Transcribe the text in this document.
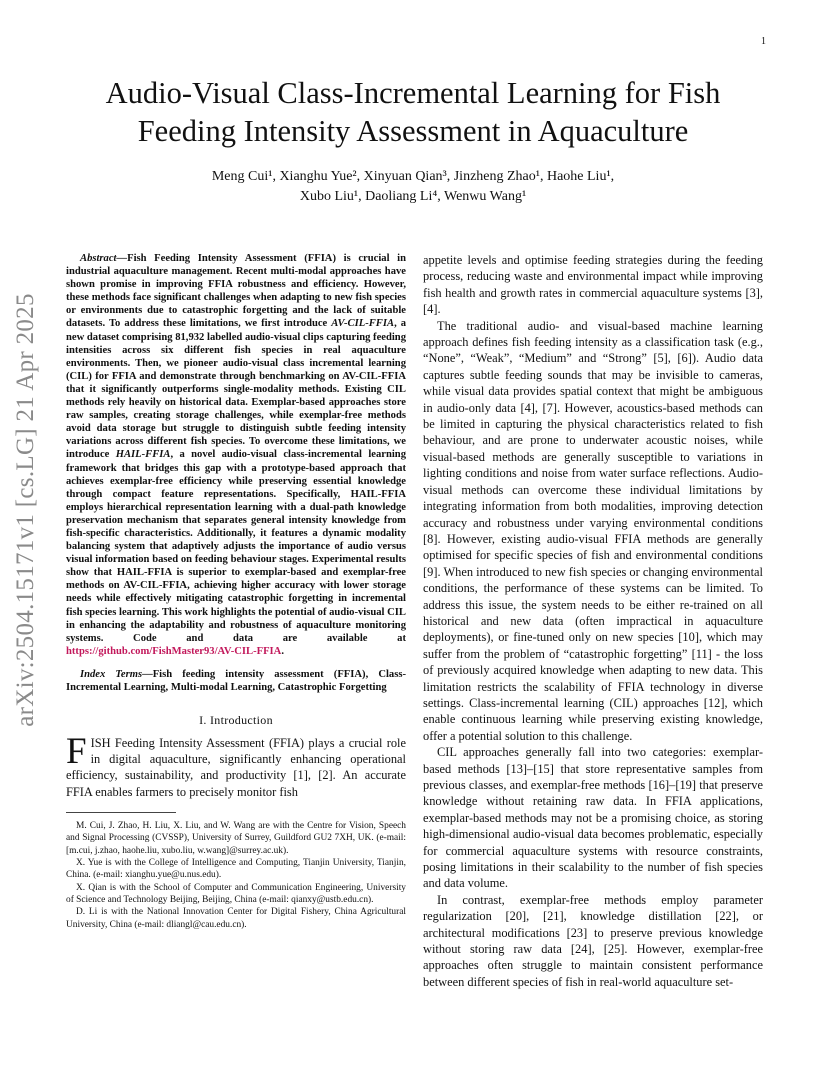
1
arXiv:2504.15171v1 [cs.LG] 21 Apr 2025
Audio-Visual Class-Incremental Learning for Fish
Feeding Intensity Assessment in Aquaculture
Meng Cui¹, Xianghu Yue², Xinyuan Qian³, Jinzheng Zhao¹, Haohe Liu¹,
Xubo Liu¹, Daoliang Li⁴, Wenwu Wang¹

Abstract—Fish Feeding Intensity Assessment (FFIA) is crucial in industrial aquaculture management. Recent multi-modal approaches have shown promise in improving FFIA robustness and efficiency. However, these methods face significant challenges when adapting to new fish species or environments due to catastrophic forgetting and the lack of suitable datasets. To address these limitations, we first introduce AV-CIL-FFIA, a new dataset comprising 81,932 labelled audio-visual clips capturing feeding intensities across six different fish species in real aquaculture environments. Then, we pioneer audio-visual class incremental learning (CIL) for FFIA and demonstrate through benchmarking on AV-CIL-FFIA that it significantly outperforms single-modality methods. Existing CIL methods rely heavily on historical data. Exemplar-based approaches store raw samples, creating storage challenges, while exemplar-free methods avoid data storage but struggle to distinguish subtle feeding intensity variations across different fish species. To overcome these limitations, we introduce HAIL-FFIA, a novel audio-visual class-incremental learning framework that bridges this gap with a prototype-based approach that achieves exemplar-free efficiency while preserving essential knowledge through compact feature representations. Specifically, HAIL-FFIA employs hierarchical representation learning with a dual-path knowledge preservation mechanism that separates general intensity knowledge from fish-specific characteristics. Additionally, it features a dynamic modality balancing system that adaptively adjusts the importance of audio versus visual information based on feeding behaviour stages. Experimental results show that HAIL-FFIA is superior to exemplar-based and exemplar-free methods on AV-CIL-FFIA, achieving higher accuracy with lower storage needs while effectively mitigating catastrophic forgetting in incremental fish species learning. This work highlights the potential of audio-visual CIL in enhancing the adaptability and robustness of aquaculture monitoring systems. Code and data are available at https://github.com/FishMaster93/AV-CIL-FFIA.

Index Terms—Fish feeding intensity assessment (FFIA), Class-Incremental Learning, Multi-modal Learning, Catastrophic Forgetting

I. Introduction

FISH Feeding Intensity Assessment (FFIA) plays a crucial role in digital aquaculture, significantly enhancing operational efficiency, sustainability, and productivity [1], [2]. An accurate FFIA enables farmers to precisely monitor fish

M. Cui, J. Zhao, H. Liu, X. Liu, and W. Wang are with the Centre for Vision, Speech and Signal Processing (CVSSP), University of Surrey, Guildford GU2 7XH, UK. (e-mail: [m.cui, j.zhao, haohe.liu, xubo.liu, w.wang]@surrey.ac.uk).

X. Yue is with the College of Intelligence and Computing, Tianjin University, Tianjin, China. (e-mail: xianghu.yue@u.nus.edu).

X. Qian is with the School of Computer and Communication Engineering, University of Science and Technology Beijing, Beijing, China (e-mail: qianxy@ustb.edu.cn).

D. Li is with the National Innovation Center for Digital Fishery, China Agricultural University, China (e-mail: dliangl@cau.edu.cn).

appetite levels and optimise feeding strategies during the feeding process, reducing waste and environmental impact while improving fish health and growth rates in commercial aquaculture systems [3], [4].

The traditional audio- and visual-based machine learning approach defines fish feeding intensity as a classification task (e.g., “None”, “Weak”, “Medium” and “Strong” [5], [6]). Audio data captures subtle feeding sounds that may be invisible to cameras, while visual data provides spatial context that might be ambiguous in audio-only data [4], [7]. However, acoustics-based methods can be limited in capturing the physical characteristics related to fish behaviour, and are prone to underwater acoustic noises, while visual-based methods are generally susceptible to variations in lighting conditions and noise from water surface reflections. Audio-visual methods can overcome these individual limitations by integrating information from both modalities, improving detection accuracy and robustness under varying environmental conditions [8]. However, existing audio-visual FFIA methods are generally optimised for specific species of fish and environmental conditions [9]. When introduced to new fish species or changing environmental conditions, the performance of these systems can be limited. To address this issue, the system needs to be either re-trained on all historical and new data (often impractical in aquaculture deployments), or fine-tuned only on new species [10], which may suffer from the problem of “catastrophic forgetting” [11] - the loss of previously acquired knowledge when adapting to new data. This limitation restricts the scalability of FFIA technology in diverse settings. Class-incremental learning (CIL) approaches [12], which enable continuous learning while preserving existing knowledge, offer a potential solution to this challenge.

CIL approaches generally fall into two categories: exemplar-based methods [13]–[15] that store representative samples from previous classes, and exemplar-free methods [16]–[19] that preserve knowledge without retaining raw data. In FFIA applications, exemplar-based methods may not be a promising choice, as storing high-dimensional audio-visual data becomes problematic, especially for commercial aquaculture systems with resource constraints, posing limitations in their scalability to the number of fish species and data volume.

In contrast, exemplar-free methods employ parameter regularization [20], [21], knowledge distillation [22], or architectural modifications [23] to preserve previous knowledge without storing raw data [24], [25]. However, exemplar-free approaches often struggle to maintain consistent performance between different species of fish in real-world aquaculture set-
